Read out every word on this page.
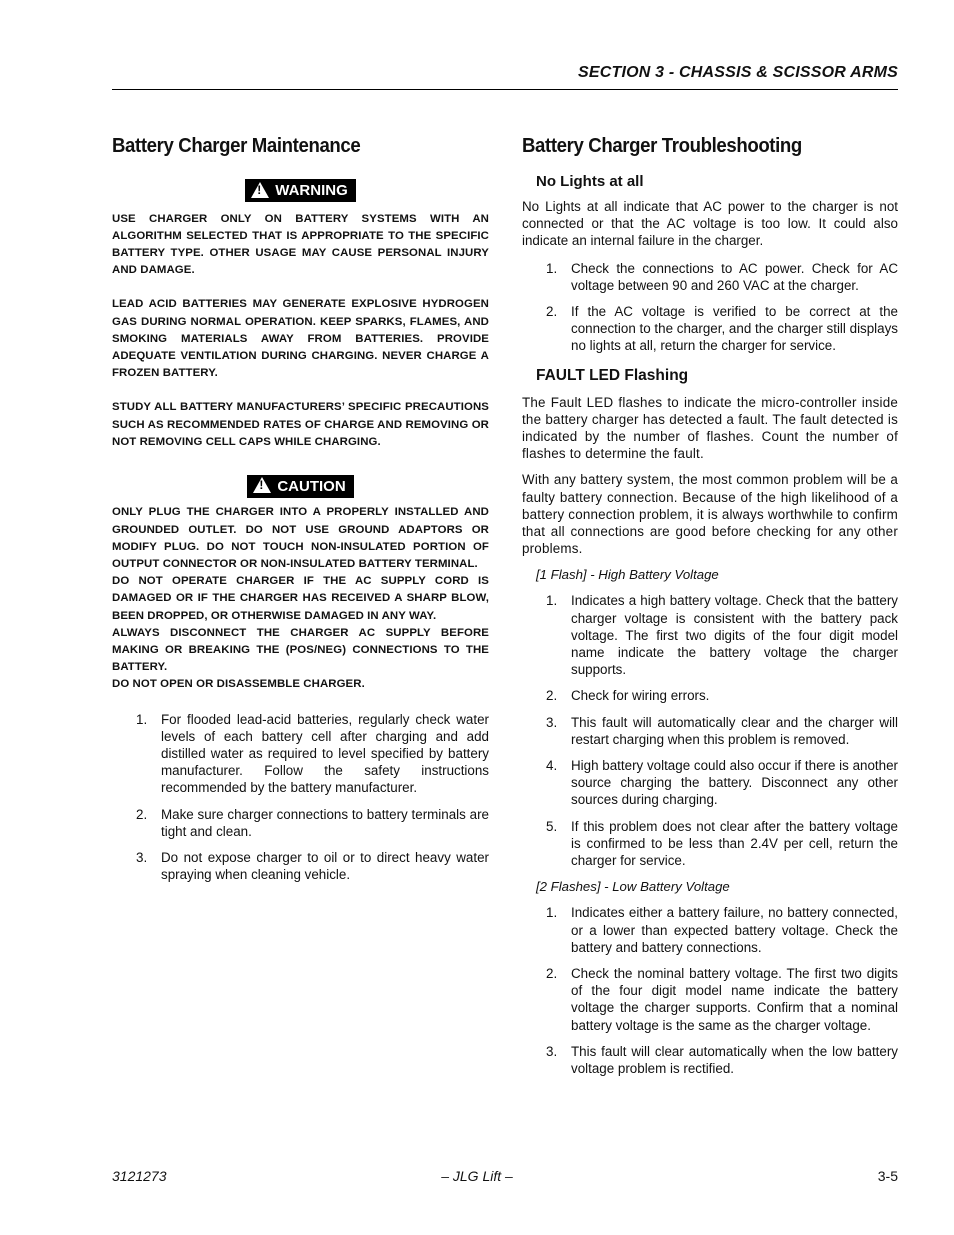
SECTION 3 - CHASSIS & SCISSOR ARMS
Battery Charger Maintenance
!
WARNING

USE CHARGER ONLY ON BATTERY SYSTEMS WITH AN ALGORITHM SELECTED THAT IS APPROPRIATE TO THE SPECIFIC BATTERY TYPE. OTHER USAGE MAY CAUSE PERSONAL INJURY AND DAMAGE.

LEAD ACID BATTERIES MAY GENERATE EXPLOSIVE HYDROGEN GAS DURING NORMAL OPERATION. KEEP SPARKS, FLAMES, AND SMOKING MATERIALS AWAY FROM BATTERIES. PROVIDE ADEQUATE VENTILATION DURING CHARGING. NEVER CHARGE A FROZEN BATTERY.

STUDY ALL BATTERY MANUFACTURERS’ SPECIFIC PRECAUTIONS SUCH AS RECOMMENDED RATES OF CHARGE AND REMOVING OR NOT REMOVING CELL CAPS WHILE CHARGING.

!
CAUTION

ONLY PLUG THE CHARGER INTO A PROPERLY INSTALLED AND GROUNDED OUTLET. DO NOT USE GROUND ADAPTORS OR MODIFY PLUG. DO NOT TOUCH NON-INSULATED PORTION OF OUTPUT CONNECTOR OR NON-INSULATED BATTERY TERMINAL.

DO NOT OPERATE CHARGER IF THE AC SUPPLY CORD IS DAMAGED OR IF THE CHARGER HAS RECEIVED A SHARP BLOW, BEEN DROPPED, OR OTHERWISE DAMAGED IN ANY WAY.

ALWAYS DISCONNECT THE CHARGER AC SUPPLY BEFORE MAKING OR BREAKING THE (POS/NEG) CONNECTIONS TO THE BATTERY.

DO NOT OPEN OR DISASSEMBLE CHARGER.

1. For flooded lead-acid batteries, regularly check water levels of each battery cell after charging and add distilled water as required to level specified by battery manufacturer. Follow the safety instructions recommended by the battery manufacturer.
2. Make sure charger connections to battery terminals are tight and clean.
3. Do not expose charger to oil or to direct heavy water spraying when cleaning vehicle.
Battery Charger Troubleshooting
No Lights at all

No Lights at all indicate that AC power to the charger is not connected or that the AC voltage is too low. It could also indicate an internal failure in the charger.

1. Check the connections to AC power. Check for AC voltage between 90 and 260 VAC at the charger.
2. If the AC voltage is verified to be correct at the connection to the charger, and the charger still displays no lights at all, return the charger for service.
FAULT LED Flashing

The Fault LED flashes to indicate the micro-controller inside the battery charger has detected a fault. The fault detected is indicated by the number of flashes. Count the number of flashes to determine the fault.

With any battery system, the most common problem will be a faulty battery connection. Because of the high likelihood of a battery connection problem, it is always worthwhile to confirm that all connections are good before checking for any other problems.

[1 Flash] - High Battery Voltage

1. Indicates a high battery voltage. Check that the battery charger voltage is consistent with the battery pack voltage. The first two digits of the four digit model name indicate the battery voltage the charger supports.
2. Check for wiring errors.
3. This fault will automatically clear and the charger will restart charging when this problem is removed.
4. High battery voltage could also occur if there is another source charging the battery. Disconnect any other sources during charging.
5. If this problem does not clear after the battery voltage is confirmed to be less than 2.4V per cell, return the charger for service.

[2 Flashes] - Low Battery Voltage

1. Indicates either a battery failure, no battery connected, or a lower than expected battery voltage. Check the battery and battery connections.
2. Check the nominal battery voltage. The first two digits of the four digit model name indicate the battery voltage the charger supports. Confirm that a nominal battery voltage is the same as the charger voltage.
3. This fault will clear automatically when the low battery voltage problem is rectified.
3121273	– JLG Lift –	3-5
